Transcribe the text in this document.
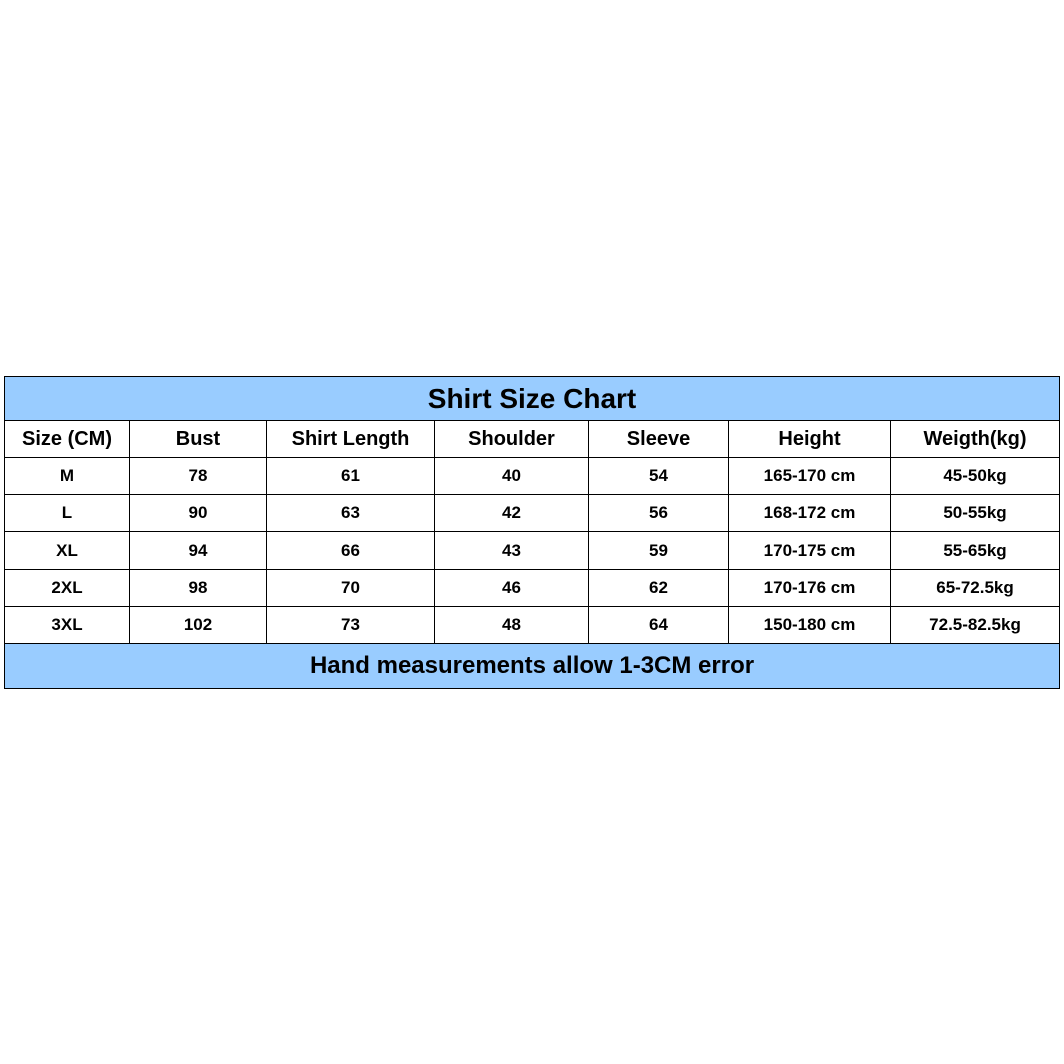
Shirt Size Chart						
Size (CM)	Bust	Shirt Length	Shoulder	Sleeve	Height	Weigth(kg)
M	78	61	40	54	165-170 cm	45-50kg
L	90	63	42	56	168-172 cm	50-55kg
XL	94	66	43	59	170-175 cm	55-65kg
2XL	98	70	46	62	170-176 cm	65-72.5kg
3XL	102	73	48	64	150-180 cm	72.5-82.5kg
Hand measurements allow 1-3CM error						
